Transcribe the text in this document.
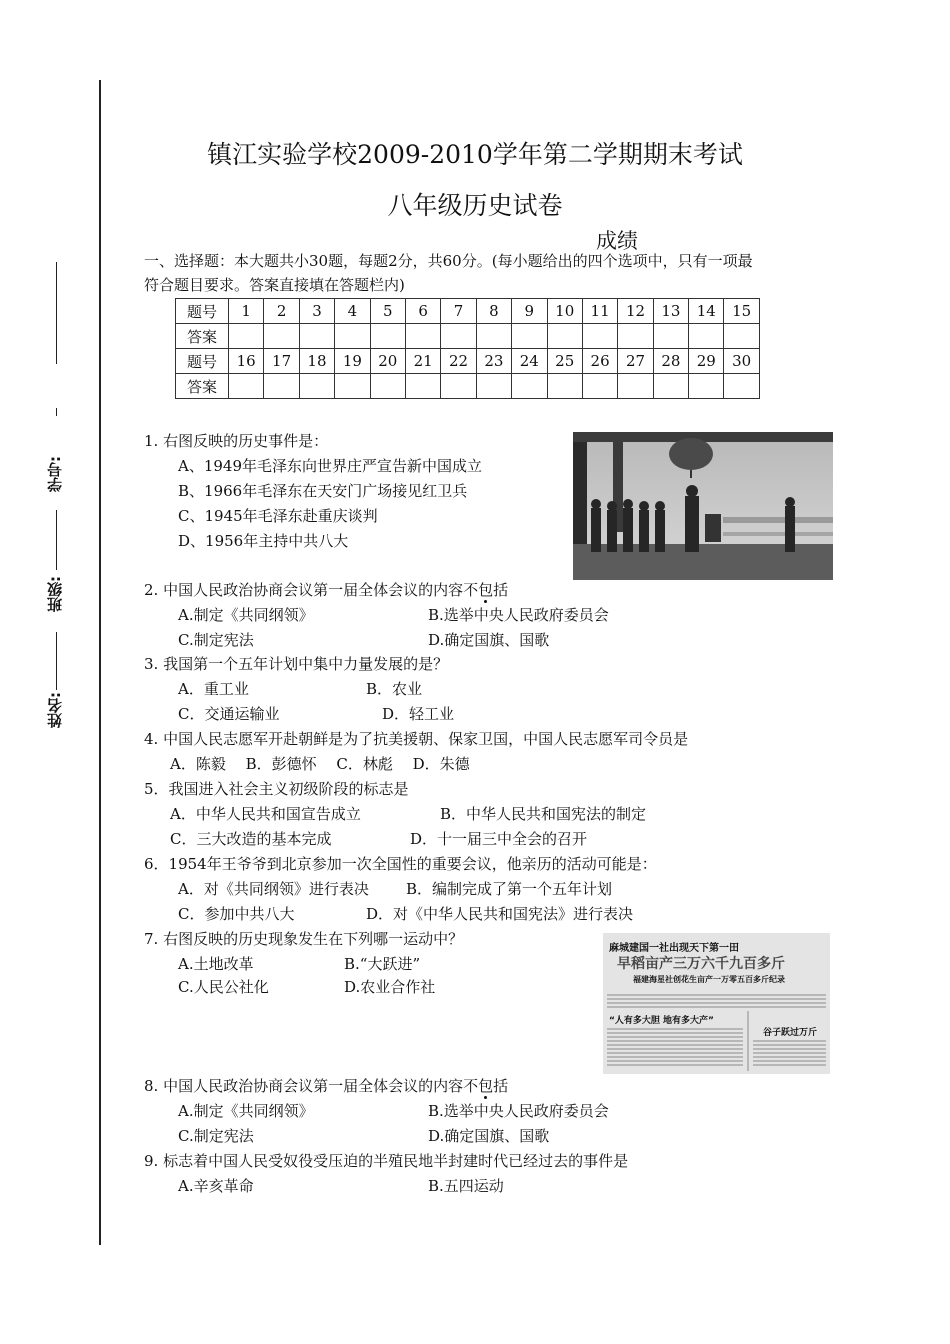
学号:
班级:
姓名:
镇江实验学校2009-2010学年第二学期期末考试
八年级历史试卷
成绩
一、选择题：本大题共小30题，每题2分，共60分。(每小题给出的四个选项中，只有一项最
符合题目要求。答案直接填在答题栏内)
题号	1	2	3	4	5	6	7	8	9	10	11	12	13	14	15
答案															
题号	16	17	18	19	20	21	22	23	24	25	26	27	28	29	30
答案															
1. 右图反映的历史事件是：
A、1949年毛泽东向世界庄严宣告新中国成立
B、1966年毛泽东在天安门广场接见红卫兵
C、1945年毛泽东赴重庆谈判
D、1956年主持中共八大
2. 中国人民政治协商会议第一届全体会议的内容不包括
A.制定《共同纲领》	B.选举中央人民政府委员会
C.制定宪法	D.确定国旗、国歌
3. 我国第一个五年计划中集中力量发展的是？
A．重工业	B．农业
C．交通运输业	D．轻工业
4. 中国人民志愿军开赴朝鲜是为了抗美援朝、保家卫国，中国人民志愿军司令员是
A．陈毅　 B．彭德怀　 C．林彪　 D．朱德
5．我国进入社会主义初级阶段的标志是
A．中华人民共和国宣告成立	B．中华人民共和国宪法的制定
C．三大改造的基本完成	D．十一届三中全会的召开
6．1954年王爷爷到北京参加一次全国性的重要会议，他亲历的活动可能是：
A．对《共同纲领》进行表决 B．编制完成了第一个五年计划
C．参加中共八大	D．对《中华人民共和国宪法》进行表决
7. 右图反映的历史现象发生在下列哪一运动中？
A.土地改革	B.“大跃进”
C.人民公社化	D.农业合作社
麻城建国一社出现天下第一田
早稻亩产三万六千九百多斤
福建海星社创花生亩产一万零五百多斤纪录
“人有多大胆 地有多大产”
谷子跃过万斤
8. 中国人民政治协商会议第一届全体会议的内容不包括
A.制定《共同纲领》	B.选举中央人民政府委员会
C.制定宪法	D.确定国旗、国歌
9. 标志着中国人民受奴役受压迫的半殖民地半封建时代已经过去的事件是
A.辛亥革命	B.五四运动
